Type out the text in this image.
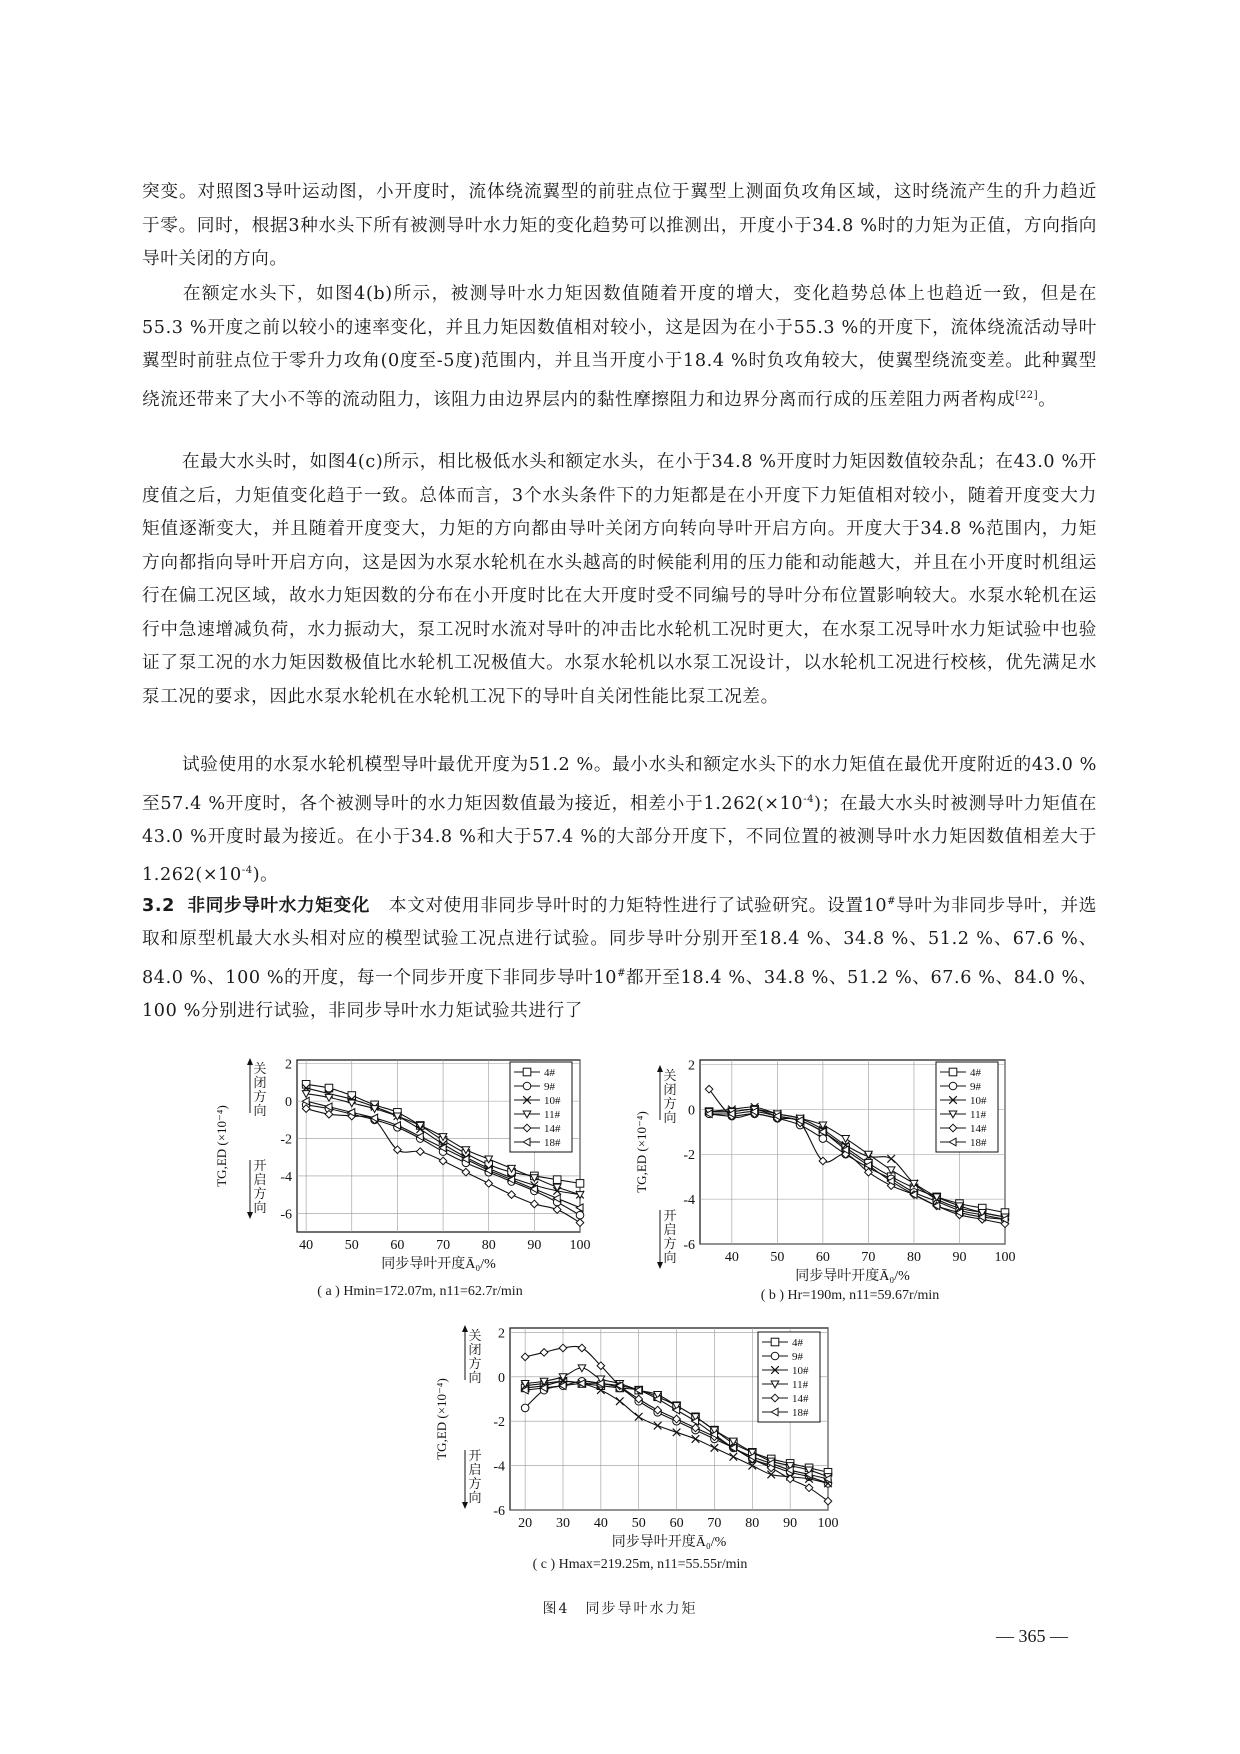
突变。对照图3导叶运动图，小开度时，流体绕流翼型的前驻点位于翼型上测面负攻角区域，这时绕流产生的升力趋近于零。同时，根据3种水头下所有被测导叶水力矩的变化趋势可以推测出，开度小于34.8 %时的力矩为正值，方向指向导叶关闭的方向。

在额定水头下，如图4(b)所示，被测导叶水力矩因数值随着开度的增大，变化趋势总体上也趋近一致，但是在55.3 %开度之前以较小的速率变化，并且力矩因数值相对较小，这是因为在小于55.3 %的开度下，流体绕流活动导叶翼型时前驻点位于零升力攻角(0度至-5度)范围内，并且当开度小于18.4 %时负攻角较大，使翼型绕流变差。此种翼型绕流还带来了大小不等的流动阻力，该阻力由边界层内的黏性摩擦阻力和边界分离而行成的压差阻力两者构成[22]。

在最大水头时，如图4(c)所示，相比极低水头和额定水头，在小于34.8 %开度时力矩因数值较杂乱；在43.0 %开度值之后，力矩值变化趋于一致。总体而言，3个水头条件下的力矩都是在小开度下力矩值相对较小，随着开度变大力矩值逐渐变大，并且随着开度变大，力矩的方向都由导叶关闭方向转向导叶开启方向。开度大于34.8 %范围内，力矩方向都指向导叶开启方向，这是因为水泵水轮机在水头越高的时候能利用的压力能和动能越大，并且在小开度时机组运行在偏工况区域，故水力矩因数的分布在小开度时比在大开度时受不同编号的导叶分布位置影响较大。水泵水轮机在运行中急速增减负荷，水力振动大，泵工况时水流对导叶的冲击比水轮机工况时更大，在水泵工况导叶水力矩试验中也验证了泵工况的水力矩因数极值比水轮机工况极值大。水泵水轮机以水泵工况设计，以水轮机工况进行校核，优先满足水泵工况的要求，因此水泵水轮机在水轮机工况下的导叶自关闭性能比泵工况差。

试验使用的水泵水轮机模型导叶最优开度为51.2 %。最小水头和额定水头下的水力矩值在最优开度附近的43.0 %至57.4 %开度时，各个被测导叶的水力矩因数值最为接近，相差小于$1.262(\times 10^{-4})$；在最大水头时被测导叶力矩值在43.0 %开度时最为接近。在小于34.8 %和大于57.4 %的大部分开度下，不同位置的被测导叶水力矩因数值相差大于$1.262(\times 10^{-4})$。

3.2 非同步导叶水力矩变化 本文对使用非同步导叶时的力矩特性进行了试验研究。设置10#导叶为非同步导叶，并选取和原型机最大水头相对应的模型试验工况点进行试验。同步导叶分别开至18.4 %、34.8 %、51.2 %、67.6 %、84.0 %、100 %的开度，每一个同步开度下非同步导叶10#都开至18.4 %、34.8 %、51.2 %、67.6 %、84.0 %、100 %分别进行试验，非同步导叶水力矩试验共进行了

40 50 60 70 80 90 100
2
0
-2
-4
-6
同步导叶开度Ā₀/%
TG,ED (×10⁻⁴)
关
闭
方
向
开
启
方
向
4#
9#
10#
11#
14#
18#
40 50 60 70 80 90 100
2
0
-2
-4
-6
同步导叶开度Ā₀/%
TG,ED (×10⁻⁴)
关
闭
方
向
开
启
方
向
4#
9#
10#
11#
14#
18#
20 30 40 50 60 70 80 90 100
2
0
-2
-4
-6
同步导叶开度Ā₀/%
TG,ED (×10⁻⁴)
关
闭
方
向
开
启
方
向
4#
9#
10#
11#
14#
18#
( a ) Hmin=172.07m, n11=62.7r/min	( b ) Hr=190m, n11=59.67r/min
( c ) Hmax=219.25m, n11=55.55r/min
图4　同步导叶水力矩
— 365 —
